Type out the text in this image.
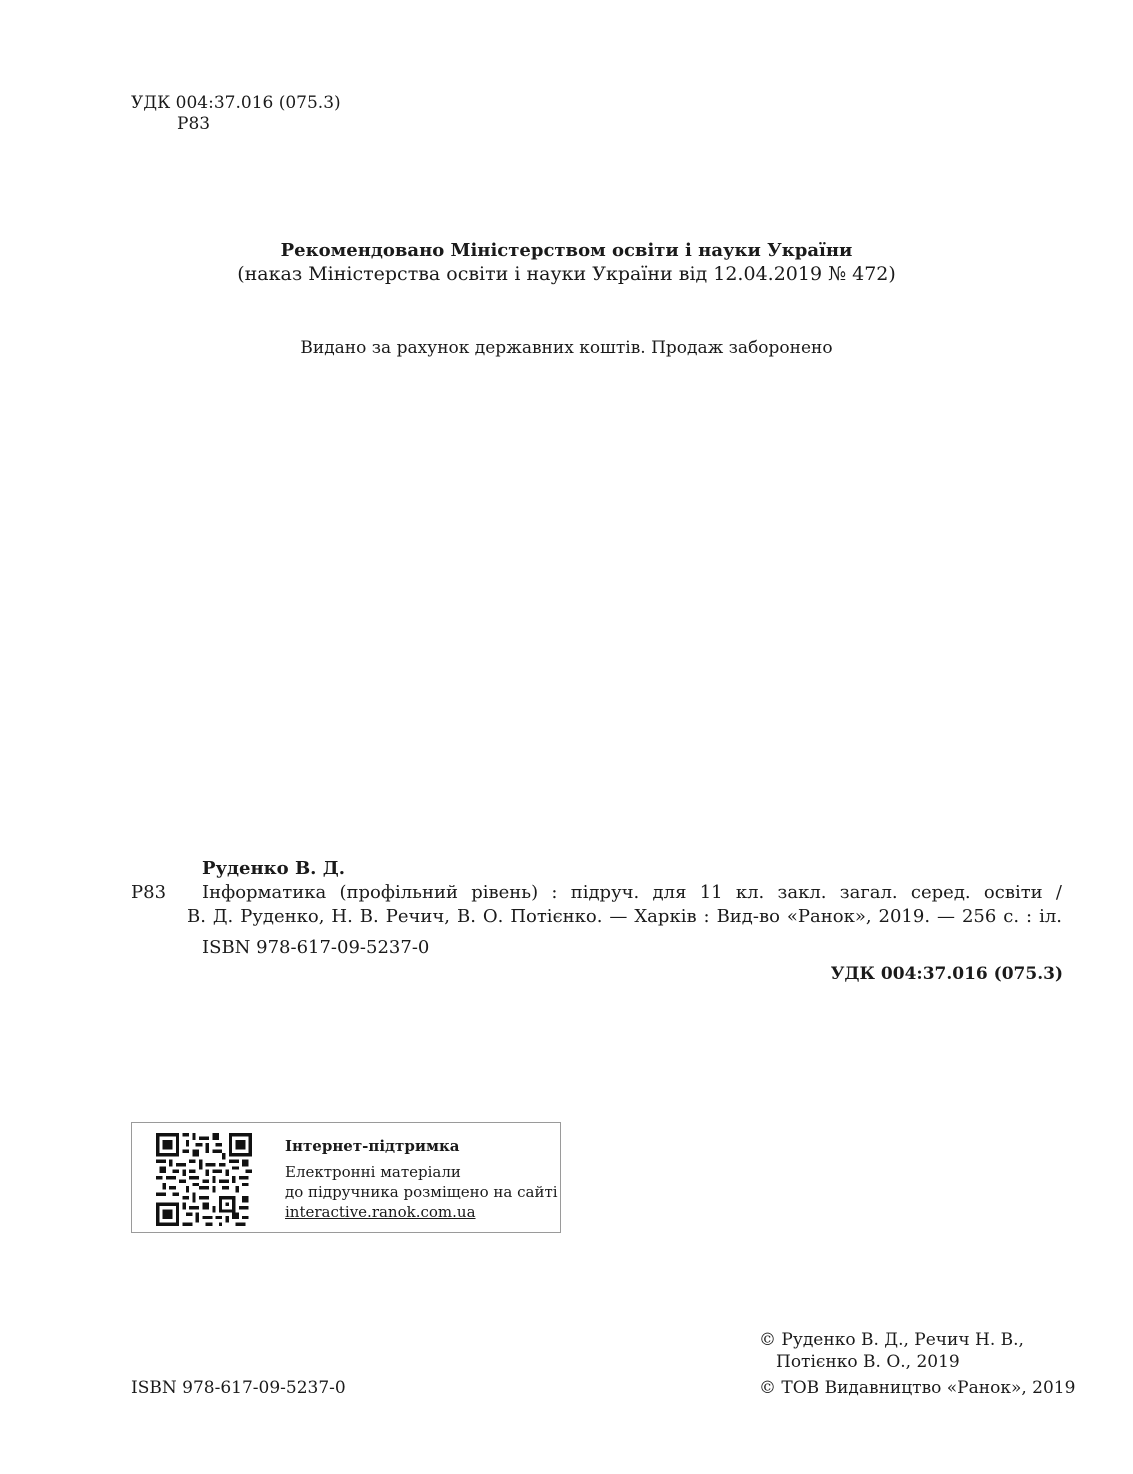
УДК 004:37.016 (075.3)
Р83
Рекомендовано Міністерством освіти і науки України
(наказ Міністерства освіти і науки України від 12.04.2019 № 472)
Видано за рахунок державних коштів. Продаж заборонено
Руденко В. Д.
Р83 Інформатика (профільний рівень) : підруч. для 11 кл. закл. загал. серед. освіти /
В. Д. Руденко, Н. В. Речич, В. О. Потієнко. — Харків : Вид-во «Ранок», 2019. — 256 с. : іл.
ISBN 978-617-09-5237-0
УДК 004:37.016 (075.3)
Інтернет-підтримка
Електронні матеріали
до підручника розміщено на сайті
interactive.ranok.com.ua
ISBN 978-617-09-5237-0
© Руденко В. Д., Речич Н. В.,
Потієнко В. О., 2019
© ТОВ Видавництво «Ранок», 2019
